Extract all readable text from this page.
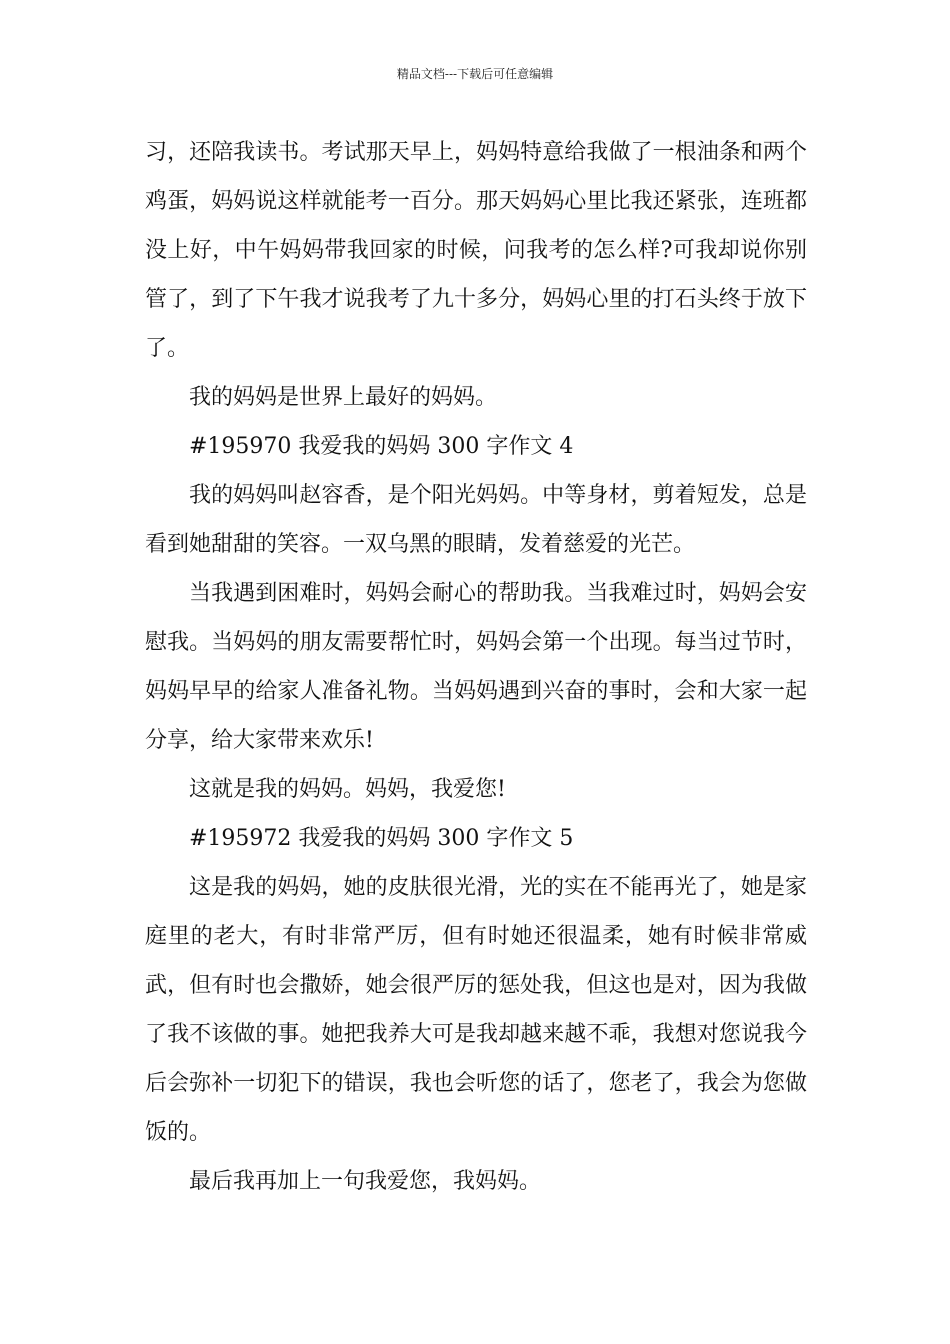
精品文档---下载后可任意编辑

习，还陪我读书。考试那天早上，妈妈特意给我做了一根油条和两个鸡蛋，妈妈说这样就能考一百分。那天妈妈心里比我还紧张，连班都没上好，中午妈妈带我回家的时候，问我考的怎么样?可我却说你别管了，到了下午我才说我考了九十多分，妈妈心里的打石头终于放下了。

我的妈妈是世界上最好的妈妈。

#195970 我爱我的妈妈 300 字作文 4

我的妈妈叫赵容香，是个阳光妈妈。中等身材，剪着短发，总是看到她甜甜的笑容。一双乌黑的眼睛，发着慈爱的光芒。

当我遇到困难时，妈妈会耐心的帮助我。当我难过时，妈妈会安慰我。当妈妈的朋友需要帮忙时，妈妈会第一个出现。每当过节时，妈妈早早的给家人准备礼物。当妈妈遇到兴奋的事时，会和大家一起分享，给大家带来欢乐!

这就是我的妈妈。妈妈，我爱您!

#195972 我爱我的妈妈 300 字作文 5

这是我的妈妈，她的皮肤很光滑，光的实在不能再光了，她是家庭里的老大，有时非常严厉，但有时她还很温柔，她有时候非常威武，但有时也会撒娇，她会很严厉的惩处我，但这也是对，因为我做了我不该做的事。她把我养大可是我却越来越不乖，我想对您说我今后会弥补一切犯下的错误，我也会听您的话了，您老了，我会为您做饭的。

最后我再加上一句我爱您，我妈妈。
